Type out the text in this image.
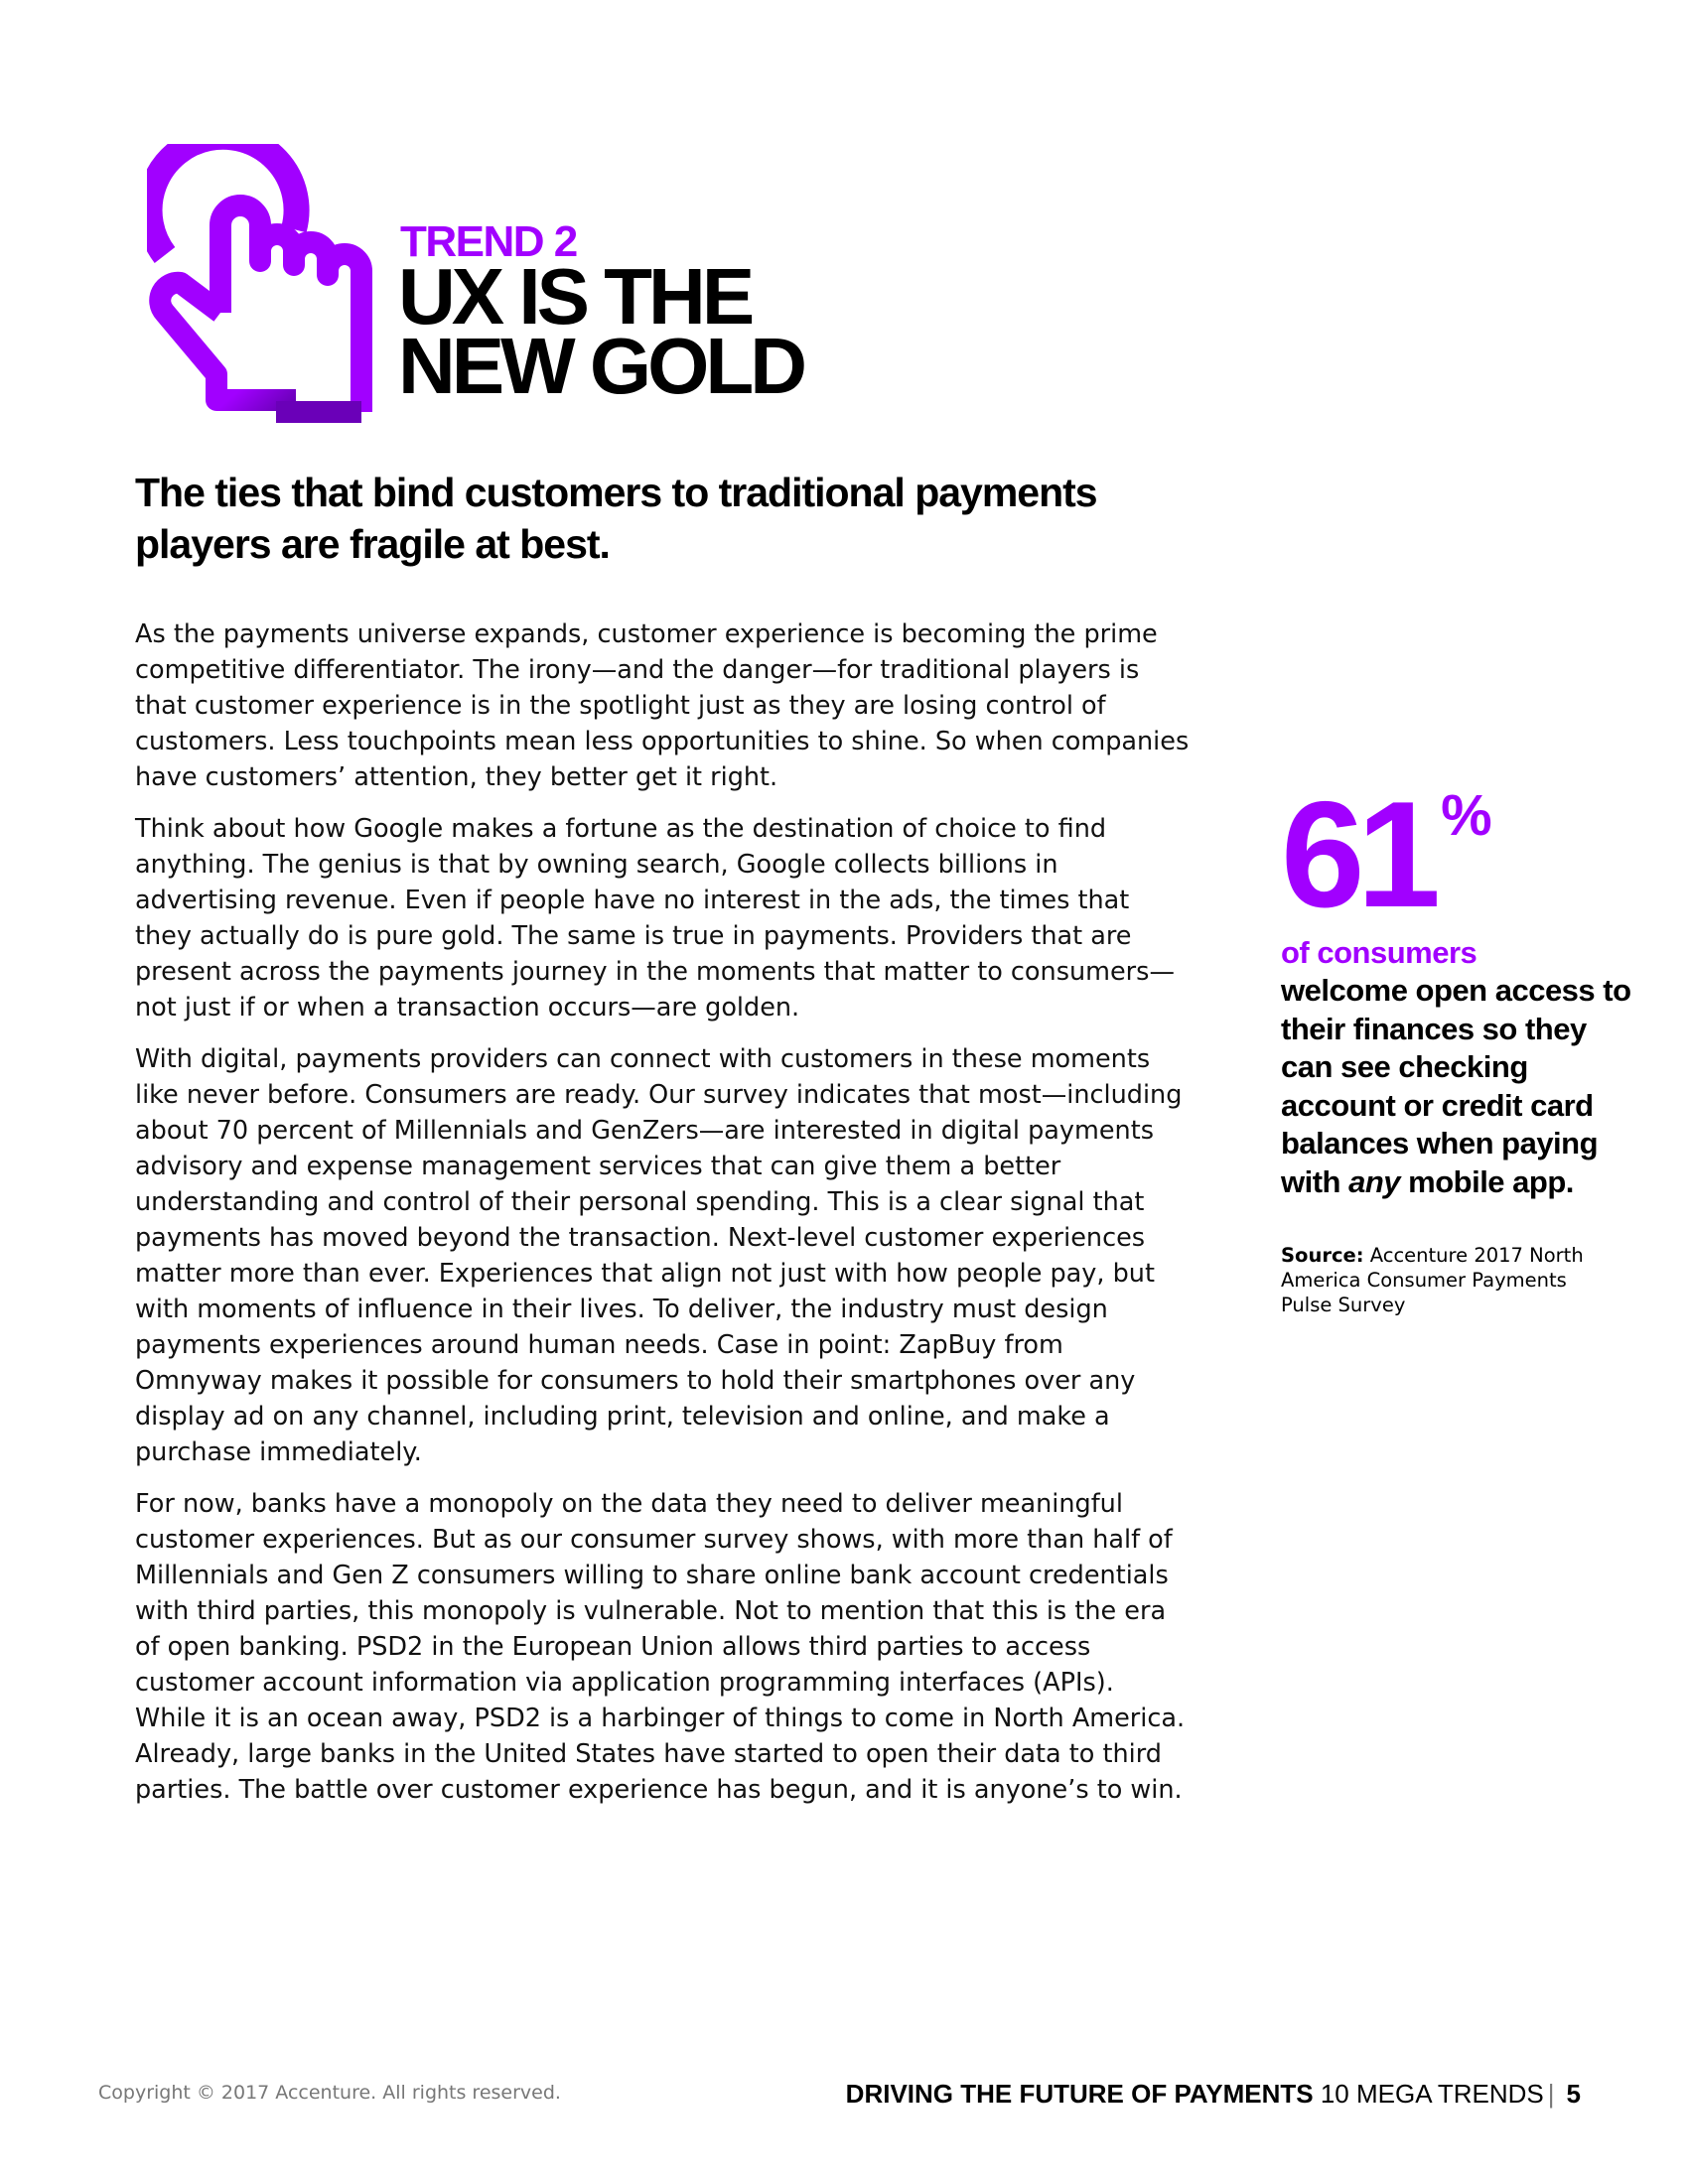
TREND 2
UX IS THE
NEW GOLD
The ties that bind customers to traditional payments players are fragile at best.

As the payments universe expands, customer experience is becoming the prime competitive differentiator. The irony—and the danger—for traditional players is that customer experience is in the spotlight just as they are losing control of customers. Less touchpoints mean less opportunities to shine. So when companies have customers’ attention, they better get it right.

Think about how Google makes a fortune as the destination of choice to find anything. The genius is that by owning search, Google collects billions in advertising revenue. Even if people have no interest in the ads, the times that they actually do is pure gold. The same is true in payments. Providers that are present across the payments journey in the moments that matter to consumers—not just if or when a transaction occurs—are golden.

With digital, payments providers can connect with customers in these moments like never before. Consumers are ready. Our survey indicates that most—including about 70 percent of Millennials and GenZers—are interested in digital payments advisory and expense management services that can give them a better understanding and control of their personal spending. This is a clear signal that payments has moved beyond the transaction. Next-level customer experiences matter more than ever. Experiences that align not just with how people pay, but with moments of influence in their lives. To deliver, the industry must design payments experiences around human needs. Case in point: ZapBuy from Omnyway makes it possible for consumers to hold their smartphones over any display ad on any channel, including print, television and online, and make a purchase immediately.

For now, banks have a monopoly on the data they need to deliver meaningful customer experiences. But as our consumer survey shows, with more than half of Millennials and Gen Z consumers willing to share online bank account credentials with third parties, this monopoly is vulnerable. Not to mention that this is the era of open banking. PSD2 in the European Union allows third parties to access customer account information via application programming interfaces (APIs). While it is an ocean away, PSD2 is a harbinger of things to come in North America. Already, large banks in the United States have started to open their data to third parties. The battle over customer experience has begun, and it is anyone’s to win.

61 %
of consumers
welcome open access to their finances so they can see checking account or credit card balances when paying with any mobile app.
Source: Accenture 2017 North America Consumer Payments Pulse Survey
Copyright © 2017 Accenture. All rights reserved.	DRIVING THE FUTURE OF PAYMENTS 10 MEGA TRENDS | 5
